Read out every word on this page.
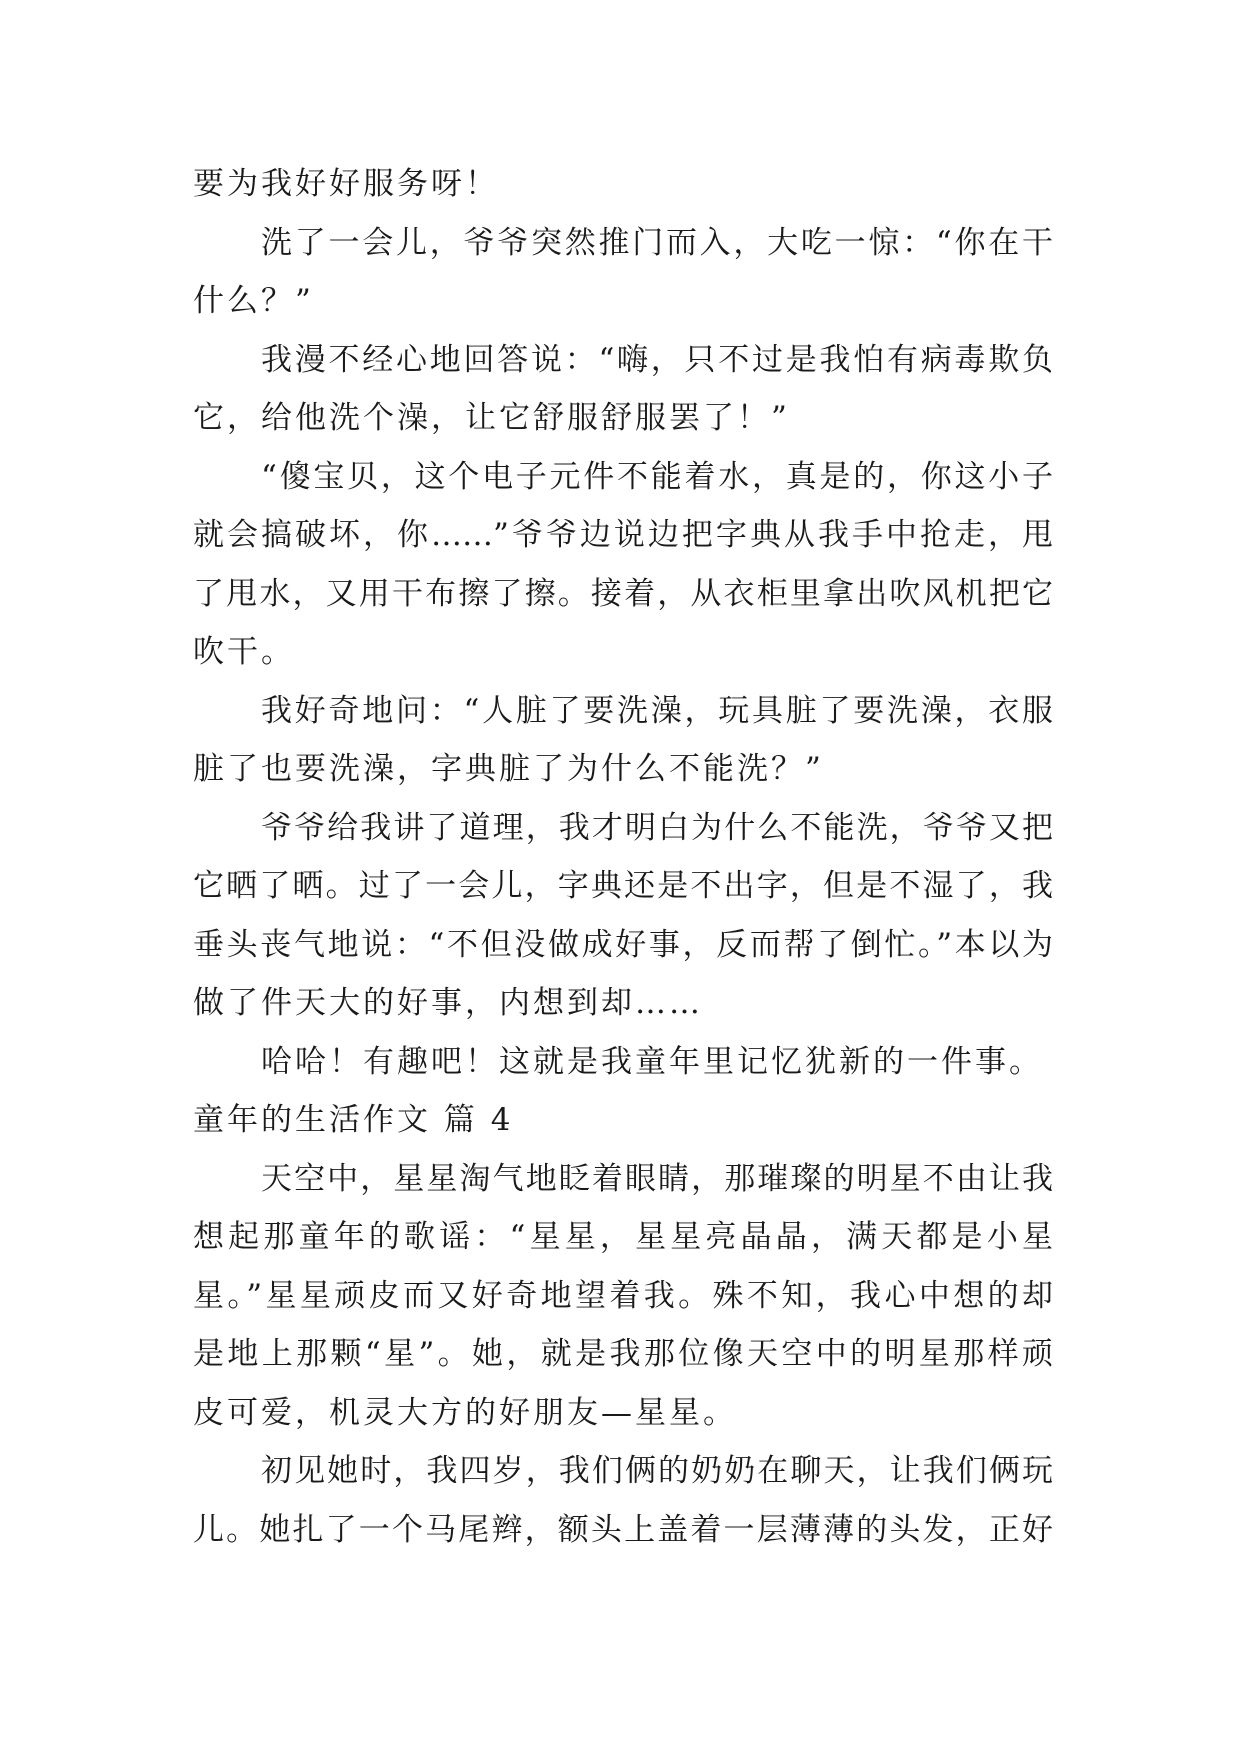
要为我好好服务呀！
洗了一会儿，爷爷突然推门而入，大吃一惊：“你在干
什么？”
我漫不经心地回答说：“嗨，只不过是我怕有病毒欺负
它，给他洗个澡，让它舒服舒服罢了！”
“傻宝贝，这个电子元件不能着水，真是的，你这小子
就会搞破坏，你……”爷爷边说边把字典从我手中抢走，甩
了甩水，又用干布擦了擦。接着，从衣柜里拿出吹风机把它
吹干。
我好奇地问：“人脏了要洗澡，玩具脏了要洗澡，衣服
脏了也要洗澡，字典脏了为什么不能洗？”
爷爷给我讲了道理，我才明白为什么不能洗，爷爷又把
它晒了晒。过了一会儿，字典还是不出字，但是不湿了，我
垂头丧气地说：“不但没做成好事，反而帮了倒忙。”本以为
做了件天大的好事，内想到却……
哈哈！有趣吧！这就是我童年里记忆犹新的一件事。
童年的生活作文 篇 4
天空中，星星淘气地眨着眼睛，那璀璨的明星不由让我
想起那童年的歌谣：“星星，星星亮晶晶，满天都是小星
星。”星星顽皮而又好奇地望着我。殊不知，我心中想的却
是地上那颗“星”。她，就是我那位像天空中的明星那样顽
皮可爱，机灵大方的好朋友—星星。
初见她时，我四岁，我们俩的奶奶在聊天，让我们俩玩
儿。她扎了一个马尾辫，额头上盖着一层薄薄的头发，正好
